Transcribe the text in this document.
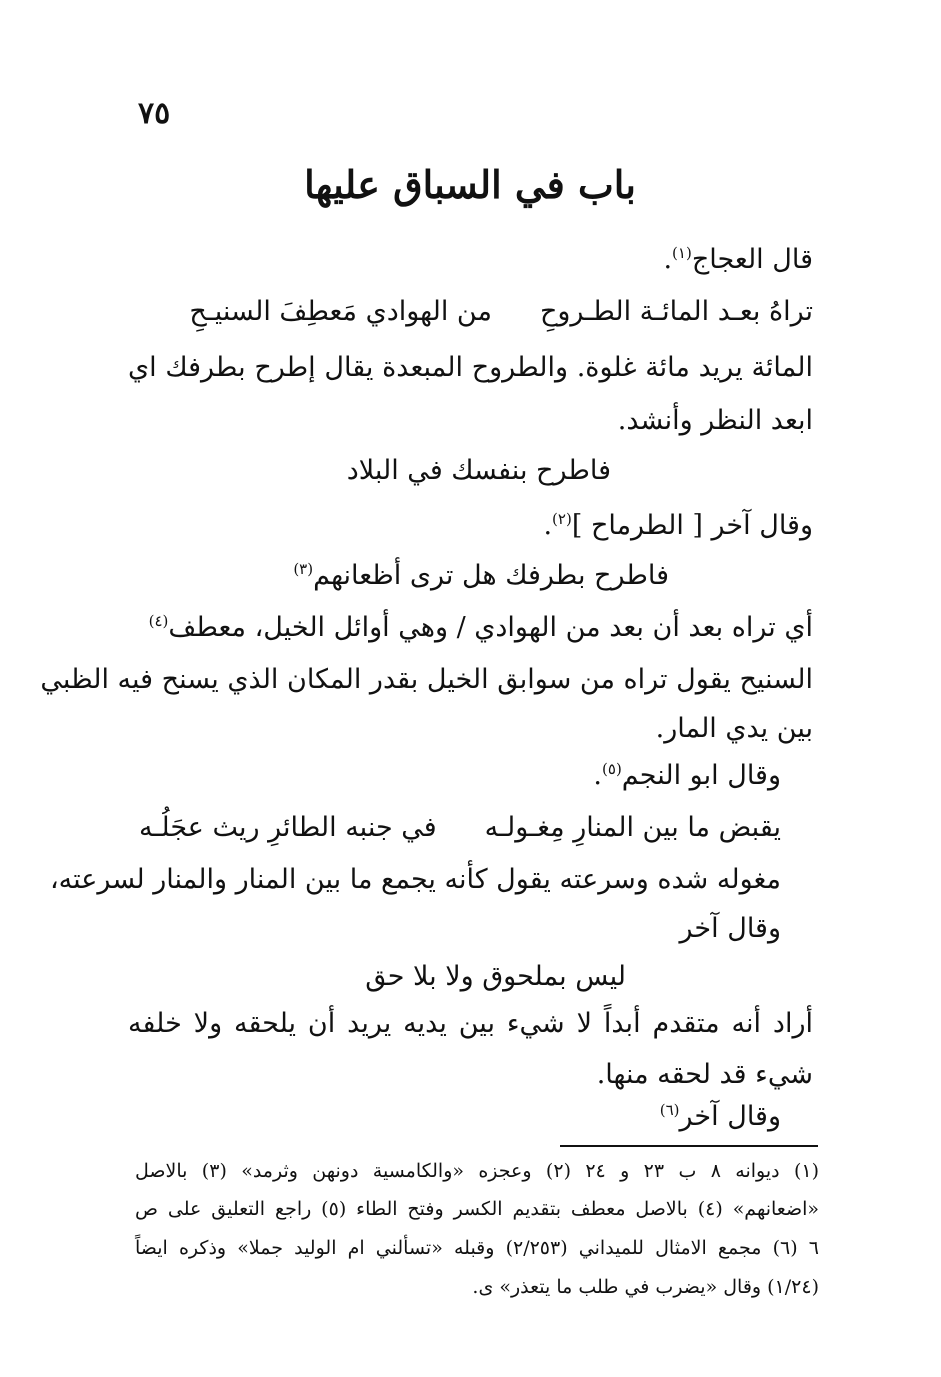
٧٥
باب في السباق عليها
قال العجاج$^{(١)}$.
تراهُ بعـد المائـة الطـروحِ
من الهوادي مَعطِفَ السنيـحِ
المائة يريد مائة غلوة. والطروح المبعدة يقال إطرح بطرفك اي
ابعد النظر وأنشد.
فاطرح بنفسك في البلاد
وقال آخر [ الطرماح ]$^{(٢)}$.
فاطرح بطرفك هل ترى أظعانهم$^{(٣)}$
أي تراه بعد أن بعد من الهوادي / وهي أوائل الخيل، معطف$^{(٤)}$
السنيح يقول تراه من سوابق الخيل بقدر المكان الذي يسنح فيه الظبي
بين يدي المار.
وقال ابو النجم$^{(٥)}$.
يقبض ما بين المنارِ مِغـولـه
في جنبه الطائرِ ريث عجَلُـه
مغوله شده وسرعته يقول كأنه يجمع ما بين المنار والمنار لسرعته،
وقال آخر
ليس بملحوق ولا بلا حق
أراد أنه متقدم أبداً لا شيء بين يديه يريد أن يلحقه ولا خلفه
شيء قد لحقه منها.
وقال آخر$^{(٦)}$
(١) ديوانه ٨ ب ٢٣ و ٢٤ (٢) وعجزه «والكامسية دونهن وثرمد» (٣) بالاصل
«اضعانهم» (٤) بالاصل معطف بتقديم الكسر وفتح الطاء (٥) راجع التعليق على ص
٦ (٦) مجمع الامثال للميداني (٢/٢٥٣) وقبله «تسألني ام الوليد جملا» وذكره ايضاً
(١/٢٤) وقال «يضرب في طلب ما يتعذر» ى.
